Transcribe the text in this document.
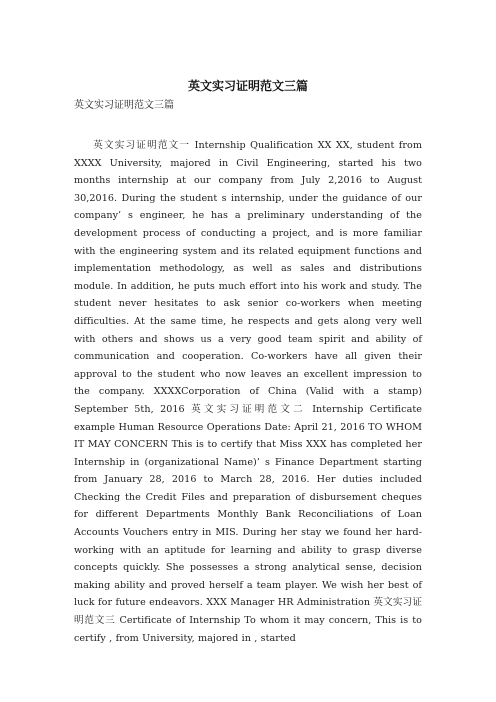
英文实习证明范文三篇
英文实习证明范文三篇
英文实习证明范文一 Internship Qualification XX XX, student from XXXX University, majored in Civil Engineering, started his two months internship at our company from July 2,2016 to August 30,2016. During the student s internship, under the guidance of our company’ s engineer, he has a preliminary understanding of the development process of conducting a project, and is more familiar with the engineering system and its related equipment functions and implementation methodology, as well as sales and distributions module. In addition, he puts much effort into his work and study. The student never hesitates to ask senior co-workers when meeting difficulties. At the same time, he respects and gets along very well with others and shows us a very good team spirit and ability of communication and cooperation. Co-workers have all given their approval to the student who now leaves an excellent impression to the company. XXXXCorporation of China (Valid with a stamp) September 5th, 2016 英文实习证明范文二 Internship Certificate example Human Resource Operations Date: April 21, 2016 TO WHOM IT MAY CONCERN This is to certify that Miss XXX has completed her Internship in (organizational Name)’ s Finance Department starting from January 28, 2016 to March 28, 2016. Her duties included Checking the Credit Files and preparation of disbursement cheques for different Departments Monthly Bank Reconciliations of Loan Accounts Vouchers entry in MIS. During her stay we found her hard-working with an aptitude for learning and ability to grasp diverse concepts quickly. She possesses a strong analytical sense, decision making ability and proved herself a team player. We wish her best of luck for future endeavors. XXX Manager HR Administration 英文实习证明范文三 Certificate of Internship To whom it may concern, This is to certify , from University, majored in , started
